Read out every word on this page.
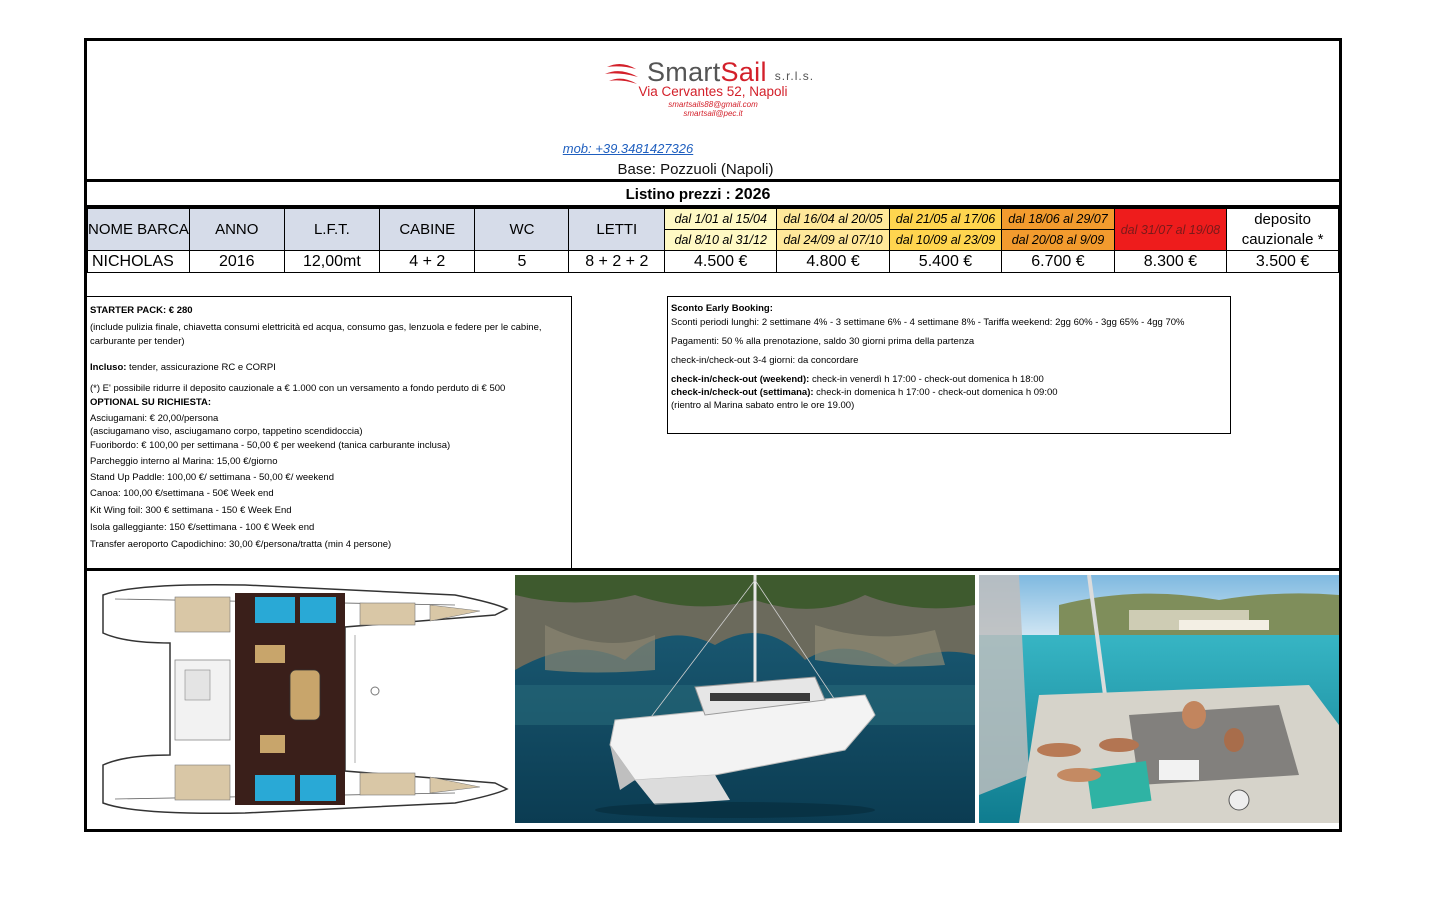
SmartSail s.r.l.s.
Via Cervantes 52, Napoli
smartsails88@gmail.com
smartsail@pec.it
mob: +39.3481427326
Base: Pozzuoli (Napoli)
Listino prezzi : 2026
NOME BARCA	ANNO	L.F.T.	CABINE	WC	LETTI	dal 1/01 al 15/04	dal 16/04 al 20/05	dal 21/05 al 17/06	dal 18/06 al 29/07	dal 31/07 al 19/08	deposito
cauzionale *

						dal 8/10 al 31/12	dal 24/09 al 07/10	dal 10/09 al 23/09	dal 20/08 al 9/09		
NICHOLAS	2016	12,00mt	4 + 2	5	8 + 2 + 2	4.500 €	4.800 €	5.400 €	6.700 €	8.300 €	3.500 €

STARTER PACK: € 280

(include pulizia finale, chiavetta consumi elettricità ed acqua, consumo gas, lenzuola e federe per le cabine, carburante per tender)

Incluso: tender, assicurazione RC e CORPI

(*) E' possibile ridurre il deposito cauzionale a € 1.000 con un versamento a fondo perduto di € 500

OPTIONAL SU RICHIESTA:

Asciugamani: € 20,00/persona

(asciugamano viso, asciugamano corpo, tappetino scendidoccia)

Fuoribordo: € 100,00 per settimana - 50,00 € per weekend (tanica carburante inclusa)

Parcheggio interno al Marina: 15,00 €/giorno

Stand Up Paddle: 100,00 €/ settimana - 50,00 €/ weekend

Canoa: 100,00 €/settimana - 50€ Week end

Kit Wing foil: 300 € settimana - 150 € Week End

Isola galleggiante: 150 €/settimana - 100 € Week end

Transfer aeroporto Capodichino: 30,00 €/persona/tratta (min 4 persone)

Sconto Early Booking:

Sconti periodi lunghi: 2 settimane 4% - 3 settimane 6% - 4 settimane 8% - Tariffa weekend: 2gg 60% - 3gg 65% - 4gg 70%

Pagamenti: 50 % alla prenotazione, saldo 30 giorni prima della partenza

check-in/check-out 3-4 giorni: da concordare

check-in/check-out (weekend): check-in venerdì h 17:00 - check-out domenica h 18:00

check-in/check-out (settimana): check-in domenica h 17:00 - check-out domenica h 09:00

(rientro al Marina sabato entro le ore 19.00)
